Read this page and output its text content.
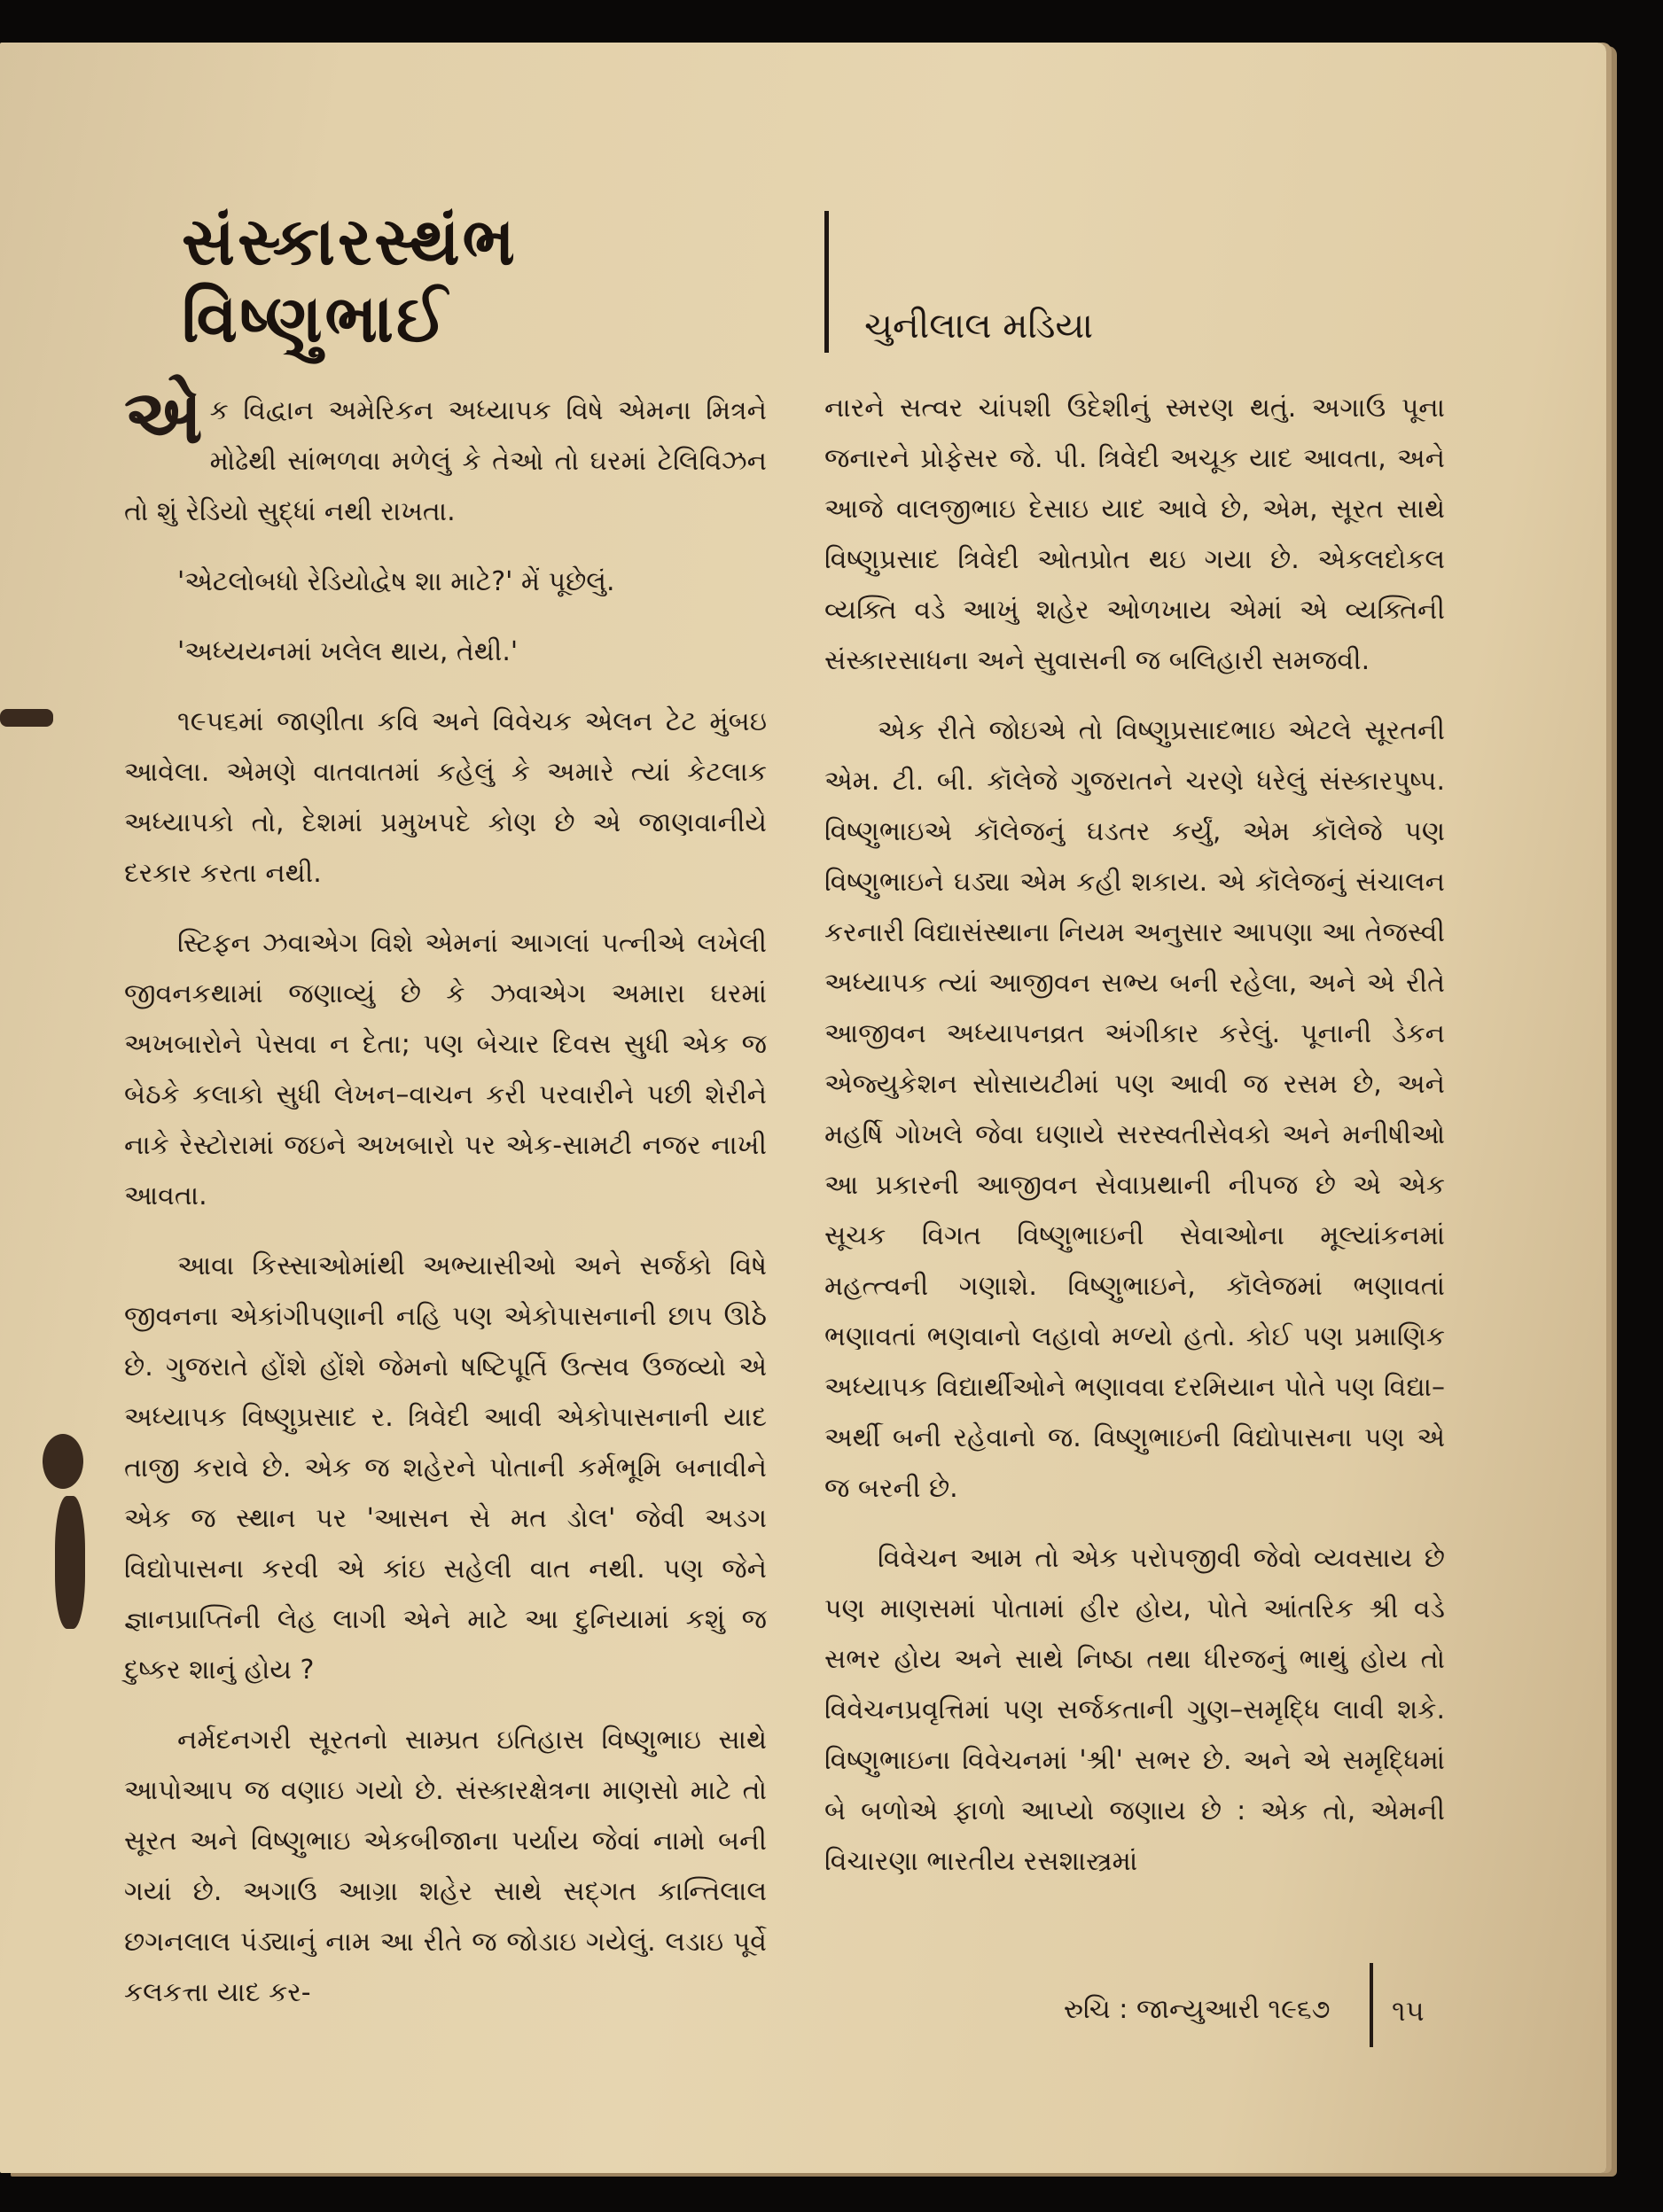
સંસ્કારસ્થંભ વિષ્ણુભાઈ	ચુનીલાલ મડિયા

એક વિદ્વાન અમેરિકન અધ્યાપક વિષે એમના મિત્રને મોઢેથી સાંભળવા મળેલું કે તેઓ તો ઘરમાં ટેલિવિઝન તો શું રેડિયો સુદ્ધાં નથી રાખતા.

'એટલોબધો રેડિયોદ્વેષ શા માટે?' મેં પૂછેલું.

'અધ્યયનમાં ખલેલ થાય, તેથી.'

૧૯૫૬માં જાણીતા કવિ અને વિવેચક એલન ટેટ મુંબઇ આવેલા. એમણે વાતવાતમાં કહેલું કે અમારે ત્યાં કેટલાક અધ્યાપકો તો, દેશમાં પ્રમુખપદે કોણ છે એ જાણવાનીયે દરકાર કરતા નથી.

સ્ટિફન ઝવાએગ વિશે એમનાં આગલાં પત્નીએ લખેલી જીવનકથામાં જણાવ્યું છે કે ઝવાએગ અમારા ઘરમાં અખબારોને પેસવા ન દેતા; પણ બેચાર દિવસ સુધી એક જ બેઠકે કલાકો સુધી લેખન–વાચન કરી પરવારીને પછી શેરીને નાકે રેસ્ટોરામાં જઇને અખબારો પર એક-સામટી નજર નાખી આવતા.

આવા કિસ્સાઓમાંથી અભ્યાસીઓ અને સર્જકો વિષે જીવનના એકાંગીપણાની નહિ પણ એકોપાસનાની છાપ ઊઠે છે. ગુજરાતે હોંશે હોંશે જેમનો ષષ્ટિપૂર્તિ ઉત્સવ ઉજવ્યો એ અધ્યાપક વિષ્ણુપ્રસાદ ર. ત્રિવેદી આવી એકોપાસનાની યાદ તાજી કરાવે છે. એક જ શહેરને પોતાની કર્મભૂમિ બનાવીને એક જ સ્થાન પર 'આસન સે મત ડોલ' જેવી અડગ વિદ્યોપાસના કરવી એ કાંઇ સહેલી વાત નથી. પણ જેને જ્ઞાનપ્રાપ્તિની લેહ લાગી એને માટે આ દુનિયામાં કશું જ દુષ્કર શાનું હોય ?

નર્મદનગરી સૂરતનો સામ્પ્રત ઇતિહાસ વિષ્ણુભાઇ સાથે આપોઆપ જ વણાઇ ગયો છે. સંસ્કારક્ષેત્રના માણસો માટે તો સૂરત અને વિષ્ણુભાઇ એકબીજાના પર્યાય જેવાં નામો બની ગયાં છે. અગાઉ આગ્રા શહેર સાથે સદ્ગત કાન્તિલાલ છગનલાલ પંડ્યાનું નામ આ રીતે જ જોડાઇ ગયેલું. લડાઇ પૂર્વે કલકત્તા યાદ કર-

નારને સત્વર ચાંપશી ઉદેશીનું સ્મરણ થતું. અગાઉ પૂના જનારને પ્રોફેસર જે. પી. ત્રિવેદી અચૂક યાદ આવતા, અને આજે વાલજીભાઇ દેસાઇ યાદ આવે છે, એમ, સૂરત સાથે વિષ્ણુપ્રસાદ ત્રિવેદી ઓતપ્રોત થઇ ગયા છે. એકલદોકલ વ્યક્તિ વડે આખું શહેર ઓળખાય એમાં એ વ્યક્તિની સંસ્કારસાધના અને સુવાસની જ બલિહારી સમજવી.

એક રીતે જોઇએ તો વિષ્ણુપ્રસાદભાઇ એટલે સૂરતની એમ. ટી. બી. કૉલેજે ગુજરાતને ચરણે ધરેલું સંસ્કારપુષ્પ. વિષ્ણુભાઇએ કૉલેજનું ઘડતર કર્યું, એમ કૉલેજે પણ વિષ્ણુભાઇને ઘડ્યા એમ કહી શકાય. એ કૉલેજનું સંચાલન કરનારી વિદ્યાસંસ્થાના નિયમ અનુસાર આપણા આ તેજસ્વી અધ્યાપક ત્યાં આજીવન સભ્ય બની રહેલા, અને એ રીતે આજીવન અધ્યાપનવ્રત અંગીકાર કરેલું. પૂનાની ડેકન એજ્યુકેશન સોસાયટીમાં પણ આવી જ રસમ છે, અને મહર્ષિ ગોખલે જેવા ઘણાયે સરસ્વતીસેવકો અને મનીષીઓ આ પ્રકારની આજીવન સેવાપ્રથાની નીપજ છે એ એક સૂચક વિગત વિષ્ણુભાઇની સેવાઓના મૂલ્યાંકનમાં મહત્ત્વની ગણાશે. વિષ્ણુભાઇને, કૉલેજમાં ભણાવતાં ભણાવતાં ભણવાનો લહાવો મળ્યો હતો. કોઈ પણ પ્રમાણિક અધ્યાપક વિદ્યાર્થીઓને ભણાવવા દરમિયાન પોતે પણ વિદ્યા–અર્થી બની રહેવાનો જ. વિષ્ણુભાઇની વિદ્યોપાસના પણ એ જ બરની છે.

વિવેચન આમ તો એક પરોપજીવી જેવો વ્યવસાય છે પણ માણસમાં પોતામાં હીર હોય, પોતે આંતરિક શ્રી વડે સભર હોય અને સાથે નિષ્ઠા તથા ધીરજનું ભાથું હોય તો વિવેચનપ્રવૃત્તિમાં પણ સર્જકતાની ગુણ–સમૃદ્ધિ લાવી શકે. વિષ્ણુભાઇના વિવેચનમાં 'શ્રી' સભર છે. અને એ સમૃદ્ધિમાં બે બળોએ ફાળો આપ્યો જણાય છે : એક તો, એમની વિચારણા ભારતીય રસશાસ્ત્રમાં

રુચિ : જાન્યુઆરી ૧૯૬૭ ૧૫
